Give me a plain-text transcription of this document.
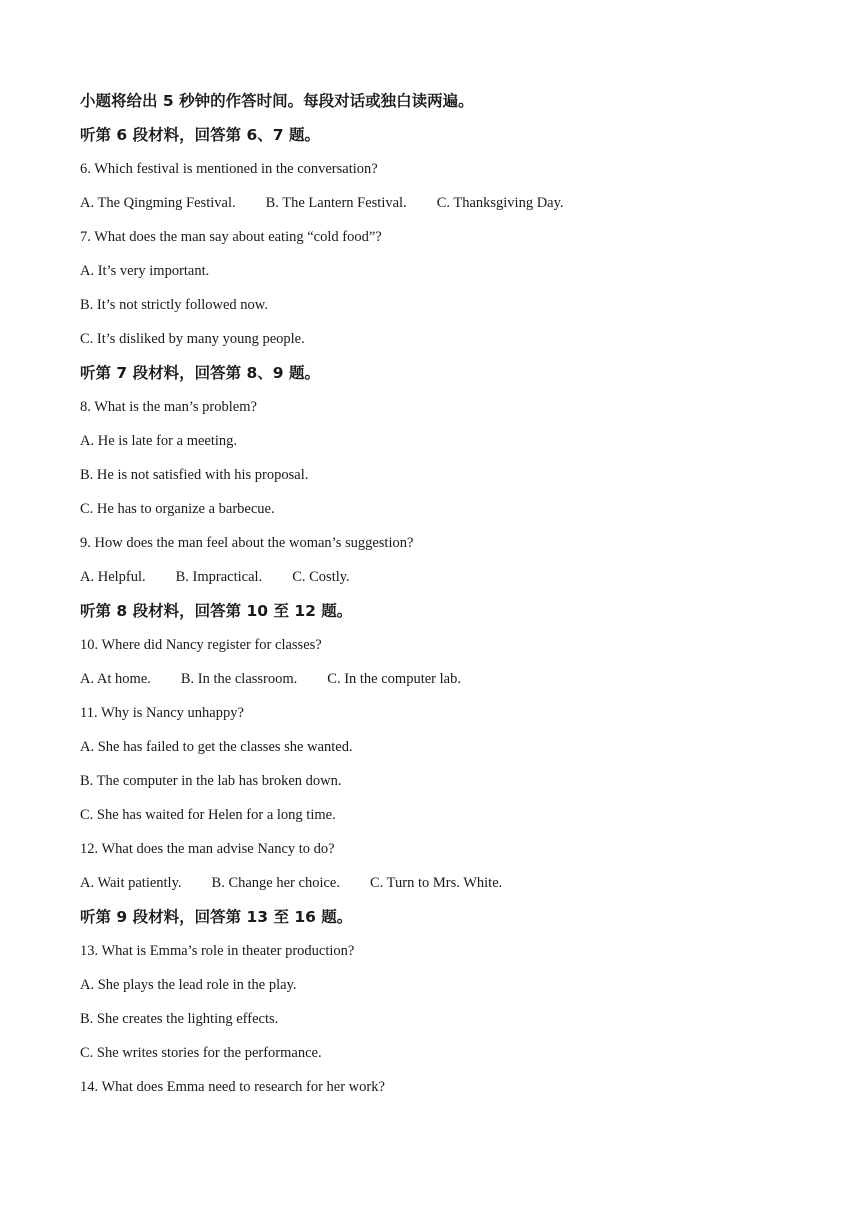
小题将给出 5 秒钟的作答时间。每段对话或独白读两遍。
听第 6 段材料，回答第 6、7 题。
6. Which festival is mentioned in the conversation?
A. The Qingming Festival. B. The Lantern Festival. C. Thanksgiving Day.
7. What does the man say about eating “cold food”?
A. It’s very important.
B. It’s not strictly followed now.
C. It’s disliked by many young people.
听第 7 段材料，回答第 8、9 题。
8. What is the man’s problem?
A. He is late for a meeting.
B. He is not satisfied with his proposal.
C. He has to organize a barbecue.
9. How does the man feel about the woman’s suggestion?
A. Helpful. B. Impractical. C. Costly.
听第 8 段材料，回答第 10 至 12 题。
10. Where did Nancy register for classes?
A. At home. B. In the classroom. C. In the computer lab.
11. Why is Nancy unhappy?
A. She has failed to get the classes she wanted.
B. The computer in the lab has broken down.
C. She has waited for Helen for a long time.
12. What does the man advise Nancy to do?
A. Wait patiently. B. Change her choice. C. Turn to Mrs. White.
听第 9 段材料，回答第 13 至 16 题。
13. What is Emma’s role in theater production?
A. She plays the lead role in the play.
B. She creates the lighting effects.
C. She writes stories for the performance.
14. What does Emma need to research for her work?
